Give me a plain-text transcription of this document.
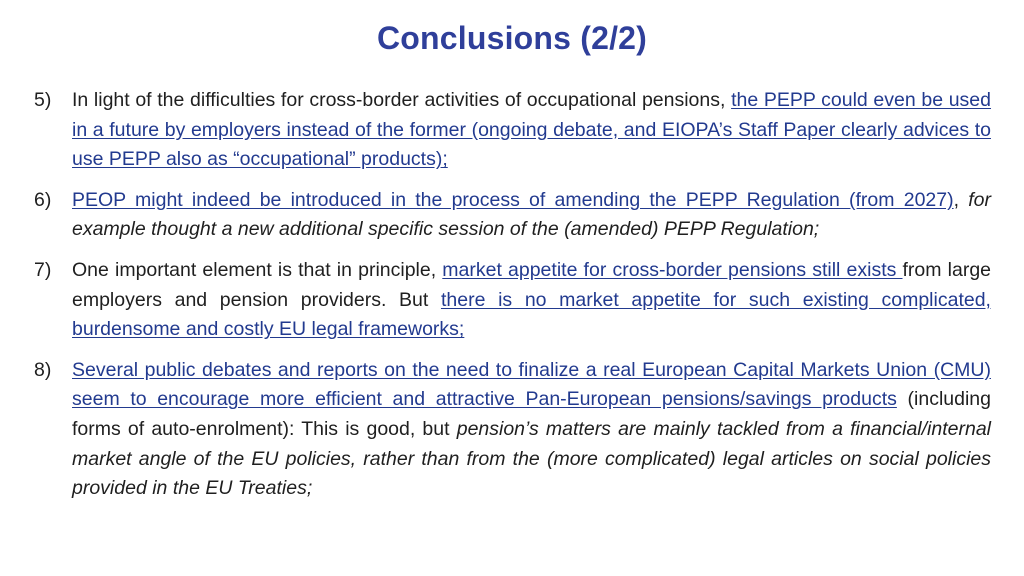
Conclusions (2/2)
5) In light of the difficulties for cross-border activities of occupational pensions, the PEPP could even be used in a future by employers instead of the former (ongoing debate, and EIOPA’s Staff Paper clearly advices to use PEPP also as “occupational” products);
6) PEOP might indeed be introduced in the process of amending the PEPP Regulation (from 2027), for example thought a new additional specific session of the (amended) PEPP Regulation;
7) One important element is that in principle, market appetite for cross-border pensions still exists from large employers and pension providers. But there is no market appetite for such existing complicated, burdensome and costly EU legal frameworks;
8) Several public debates and reports on the need to finalize a real European Capital Markets Union (CMU) seem to encourage more efficient and attractive Pan-European pensions/savings products (including forms of auto-enrolment): This is good, but pension’s matters are mainly tackled from a financial/internal market angle of the EU policies, rather than from the (more complicated) legal articles on social policies provided in the EU Treaties;
